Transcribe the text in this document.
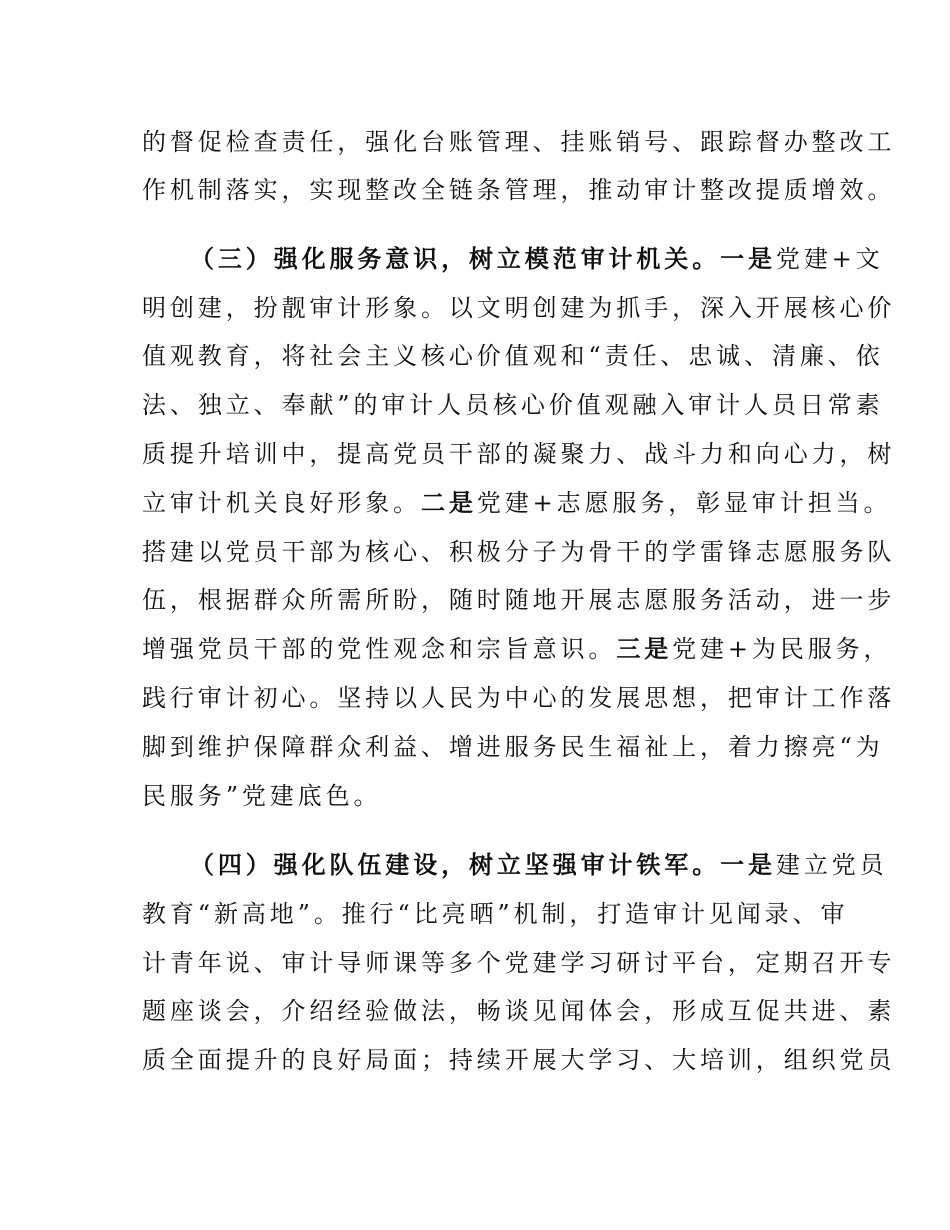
的督促检查责任，强化台账管理、挂账销号、跟踪督办整改工
作机制落实，实现整改全链条管理，推动审计整改提质增效。
（三）强化服务意识，树立模范审计机关。一是党建+文
明创建，扮靓审计形象。以文明创建为抓手，深入开展核心价
值观教育，将社会主义核心价值观和“责任、忠诚、清廉、依
法、独立、奉献”的审计人员核心价值观融入审计人员日常素
质提升培训中，提高党员干部的凝聚力、战斗力和向心力，树
立审计机关良好形象。二是党建+志愿服务，彰显审计担当。
搭建以党员干部为核心、积极分子为骨干的学雷锋志愿服务队
伍，根据群众所需所盼，随时随地开展志愿服务活动，进一步
增强党员干部的党性观念和宗旨意识。三是党建+为民服务，
践行审计初心。坚持以人民为中心的发展思想，把审计工作落
脚到维护保障群众利益、增进服务民生福祉上，着力擦亮“为
民服务”党建底色。
（四）强化队伍建设，树立坚强审计铁军。一是建立党员
教育“新高地”。推行“比亮晒”机制，打造审计见闻录、审
计青年说、审计导师课等多个党建学习研讨平台，定期召开专
题座谈会，介绍经验做法，畅谈见闻体会，形成互促共进、素
质全面提升的良好局面；持续开展大学习、大培训，组织党员
